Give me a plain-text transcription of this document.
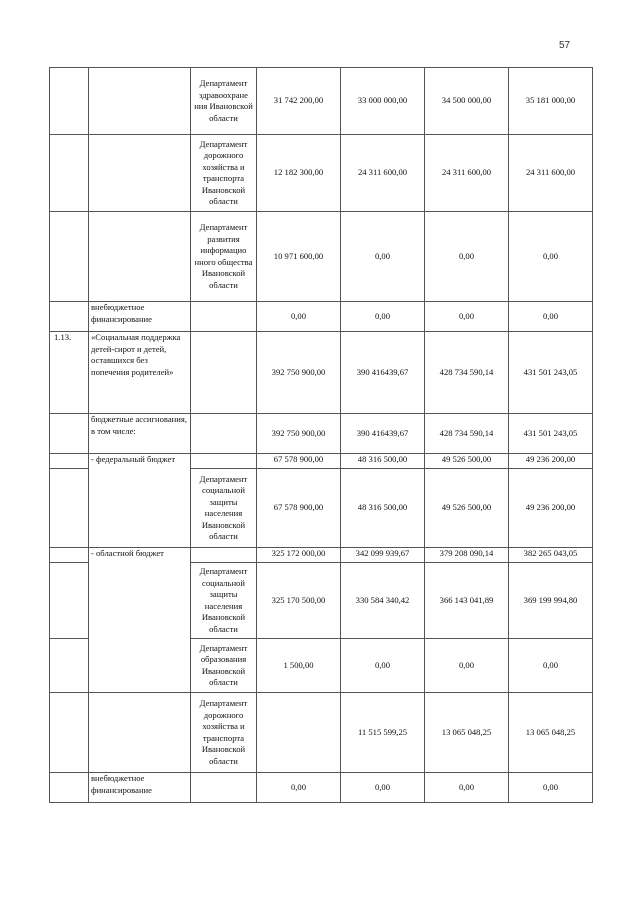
57
		Департамент здравоохране ния Ивановской области	31 742 200,00	33 000 000,00	34 500 000,00	35 181 000,00
		Департамент дорожного хозяйства и транспорта Ивановской области	12 182 300,00	24 311 600,00	24 311 600,00	24 311 600,00
		Департамент развития информацио нного общества Ивановской области	10 971 600,00	0,00	0,00	0,00
	внебюджетное финансирование		0,00	0,00	0,00	0,00
1.13.	«Социальная поддержка детей-сирот и детей, оставшихся без попечения родителей»		392 750 900,00	390 416439,67	428 734 590,14	431 501 243,05
	бюджетные ассигнования, в том числе:		392 750 900,00	390 416439,67	428 734 590,14	431 501 243,05
	- федеральный бюджет		67 578 900,00	48 316 500,00	49 526 500,00	49 236 200,00
		Департамент социальной защиты населения Ивановской области	67 578 900,00	48 316 500,00	49 526 500,00	49 236 200,00
	- областной бюджет		325 172 000,00	342 099 939,67	379 208 090,14	382 265 043,05
		Департамент социальной защиты населения Ивановской области	325 170 500,00	330 584 340,42	366 143 041,89	369 199 994,80
		Департамент образования Ивановской области	1 500,00	0,00	0,00	0,00
		Департамент дорожного хозяйства и транспорта Ивановской области		11 515 599,25	13 065 048,25	13 065 048,25
	внебюджетное финансирование		0,00	0,00	0,00	0,00
